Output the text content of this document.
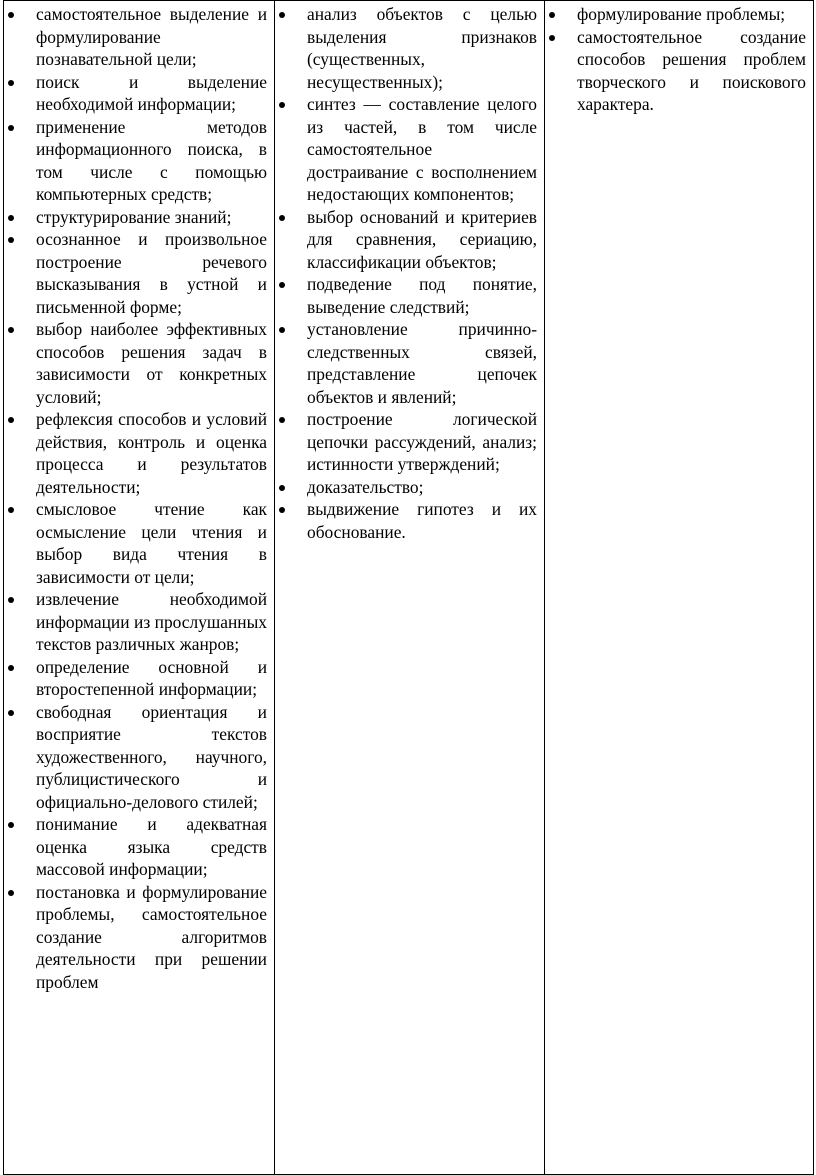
самостоятельное выделение и формулирование познавательной цели;
поиск и выделение необходимой информации;
применение методов информационного поиска, в том числе с помощью компьютерных средств;
структурирование знаний;
осознанное и произвольное построение речевого высказывания в устной и письменной форме;
выбор наиболее эффективных способов решения задач в зависимости от конкретных условий;
рефлексия способов и условий действия, контроль и оценка процесса и результатов деятельности;
смысловое чтение как осмысление цели чтения и выбор вида чтения в зависимости от цели;
извлечение необходимой информации из прослушанных текстов различных жанров;
определение основной и второстепенной информации;
свободная ориентация и восприятие текстов художественного, научного, публицистического и официально-делового стилей;
понимание и адекватная оценка языка средств массовой информации;
постановка и формулирование проблемы, самостоятельное создание алгоритмов деятельности при решении проблем

анализ объектов с целью выделения признаков (существенных, несущественных);
синтез — составление целого из частей, в том числе самостоятельное достраивание с восполнением недостающих компонентов;
выбор оснований и критериев для сравнения, сериацию, классификации объектов;
подведение под понятие, выведение следствий;
установление причинно-следственных связей, представление цепочек объектов и явлений;
построение логической цепочки рассуждений, анализ; истинности утверждений;
доказательство;
выдвижение гипотез и их обоснование.

формулирование проблемы;
самостоятельное создание способов решения проблем творческого и поискового характера.
